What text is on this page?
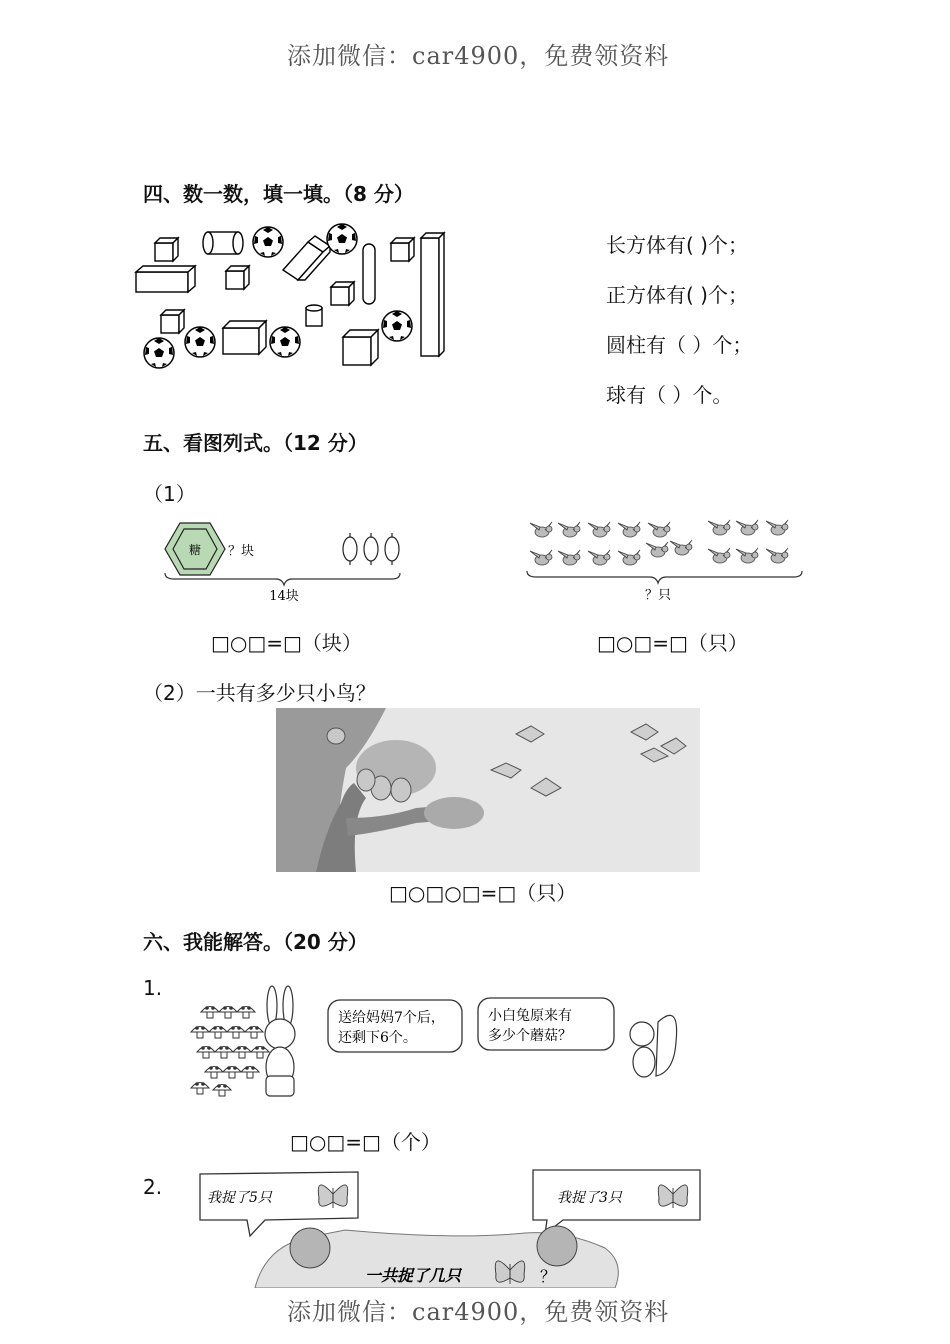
添加微信：car4900，免费领资料
四、数一数，填一填。（8 分）
长方体有( )个；
正方体有( )个；
圆柱有（ ）个；
球有（ ）个。
五、看图列式。（12 分）
（1）
糖 ？块
14块	？只
□○□=□（块）	□○□=□（只）
（2）一共有多少只小鸟？
□○□○□=□（只）
六、我能解答。（20 分）
1.
送给妈妈7个后，
还剩下6个。
小白兔原来有
多少个蘑菇？
□○□=□（个）
2.	我捉了5只	我捉了3只
一共捉了几只	？
添加微信：car4900，免费领资料
